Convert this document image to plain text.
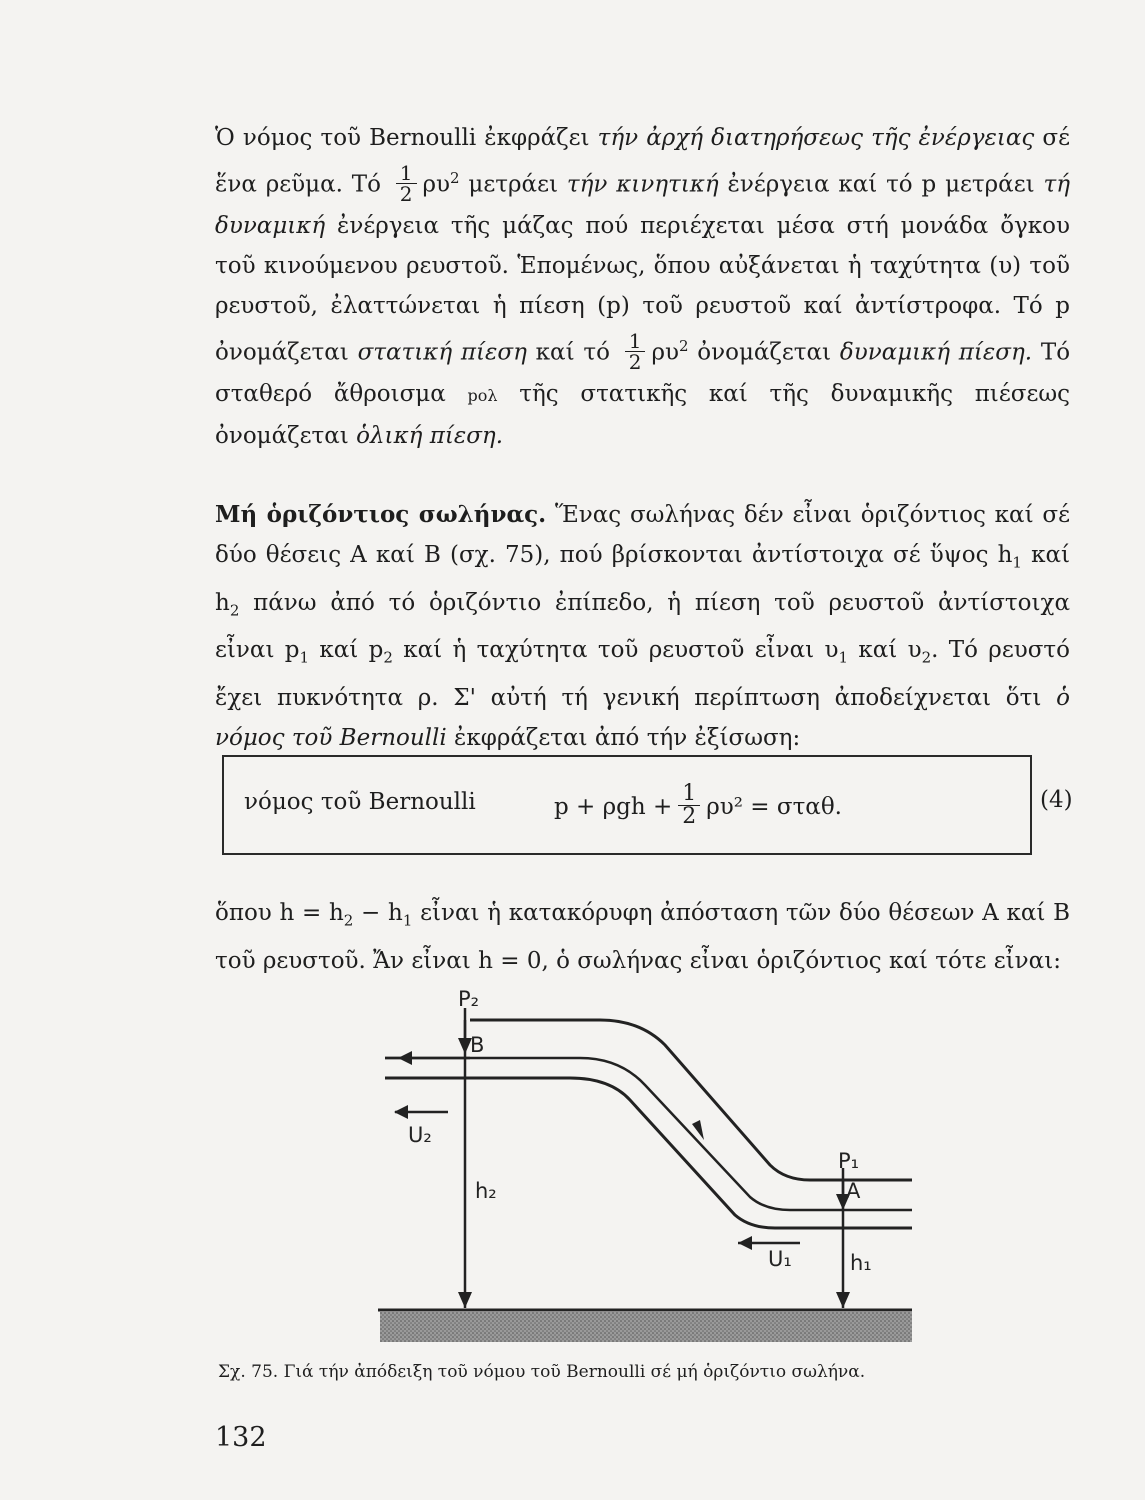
Ὁ νόμος τοῦ Bernoulli ἐκφράζει τήν ἀρχή διατηρήσεως τῆς ἐνέργειας σέ ἕνα ρεῦμα. Τό $\frac{1}{2} \rho\upsilon^2$ μετράει τήν κινητική ἐνέργεια καί τό p μετράει τή δυναμική ἐνέργεια τῆς μάζας πού περιέχεται μέσα στή μονάδα ὄγκου τοῦ κινούμενου ρευστοῦ. Ἑπομένως, ὅπου αὐξάνεται ἡ ταχύτητα (υ) τοῦ ρευστοῦ, ἐλαττώνεται ἡ πίεση (p) τοῦ ρευστοῦ καί ἀντίστροφα. Τό p ὀνομάζεται στατική πίεση καί τό $\frac{1}{2} \rho\upsilon^2$ ὀνομάζεται δυναμική πίεση. Τό σταθερό ἄθροισμα pολ τῆς στατικῆς καί τῆς δυναμικῆς πιέσεως ὀνομάζεται ὁλική πίεση.

Μή ὁριζόντιος σωλήνας. Ἕνας σωλήνας δέν εἶναι ὁριζόντιος καί σέ δύο θέσεις Α καί Β (σχ. 75), πού βρίσκονται ἀντίστοιχα σέ ὕψος $h_1$ καί $h_2$ πάνω ἀπό τό ὁριζόντιο ἐπίπεδο, ἡ πίεση τοῦ ρευστοῦ ἀντίστοιχα εἶναι $p_1$ καί $p_2$ καί ἡ ταχύτητα τοῦ ρευστοῦ εἶναι $\upsilon_1$ καί $\upsilon_2$. Τό ρευστό ἔχει πυκνότητα ρ. Σ' αὐτή τή γενική περίπτωση ἀποδείχνεται ὅτι ὁ νόμος τοῦ Bernoulli ἐκφράζεται ἀπό τήν ἐξίσωση:

νόμος τοῦ Bernoulli	$p + \rho gh + \frac{1}{2} \rho\upsilon^2 = \sigma\tau\alpha\theta$.	(4)

ὅπου $h = h_2 - h_1$ εἶναι ἡ κατακόρυφη ἀπόσταση τῶν δύο θέσεων Α καί Β τοῦ ρευστοῦ. Ἄν εἶναι h = 0, ὁ σωλήνας εἶναι ὁριζόντιος καί τότε εἶναι:

P₂
B
U₂
h₂
P₁
A
U₁	h₁
Σχ. 75. Γιά τήν ἀπόδειξη τοῦ νόμου τοῦ Bernoulli σέ μή ὁριζόντιο σωλήνα.
132
